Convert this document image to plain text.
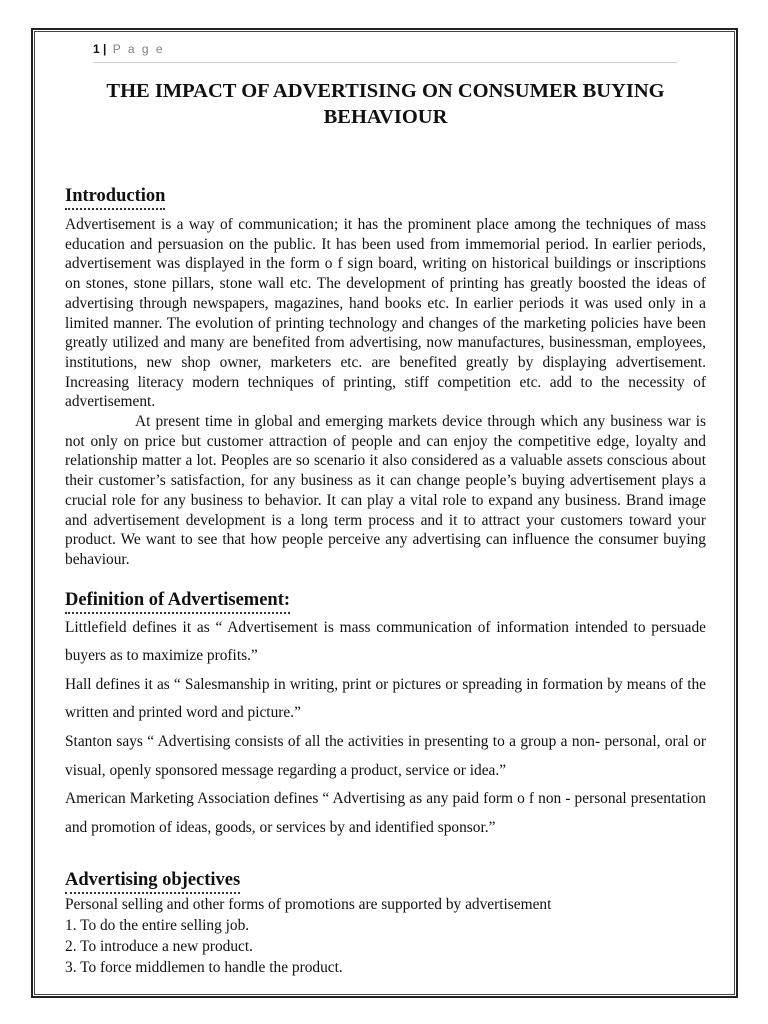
1 | P a g e
THE IMPACT OF ADVERTISING ON CONSUMER BUYING BEHAVIOUR
Introduction

Advertisement is a way of communication; it has the prominent place among the techniques of mass education and persuasion on the public. It has been used from immemorial period. In earlier periods, advertisement was displayed in the form o f sign board, writing on historical buildings or inscriptions on stones, stone pillars, stone wall etc. The development of printing has greatly boosted the ideas of advertising through newspapers, magazines, hand books etc. In earlier periods it was used only in a limited manner. The evolution of printing technology and changes of the marketing policies have been greatly utilized and many are benefited from advertising, now manufactures, businessman, employees, institutions, new shop owner, marketers etc. are benefited greatly by displaying advertisement. Increasing literacy modern techniques of printing, stiff competition etc. add to the necessity of advertisement.

At present time in global and emerging markets device through which any business war is not only on price but customer attraction of people and can enjoy the competitive edge, loyalty and relationship matter a lot. Peoples are so scenario it also considered as a valuable assets conscious about their customer’s satisfaction, for any business as it can change people’s buying advertisement plays a crucial role for any business to behavior. It can play a vital role to expand any business. Brand image and advertisement development is a long term process and it to attract your customers toward your product. We want to see that how people perceive any advertising can influence the consumer buying behaviour.

Definition of Advertisement:

Littlefield defines it as “ Advertisement is mass communication of information intended to persuade buyers as to maximize profits.”

Hall defines it as “ Salesmanship in writing, print or pictures or spreading in formation by means of the written and printed word and picture.”

Stanton says “ Advertising consists of all the activities in presenting to a group a non- personal, oral or visual, openly sponsored message regarding a product, service or idea.”

American Marketing Association defines “ Advertising as any paid form o f non - personal presentation and promotion of ideas, goods, or services by and identified sponsor.”

Advertising objectives

Personal selling and other forms of promotions are supported by advertisement

1. To do the entire selling job.

2. To introduce a new product.

3. To force middlemen to handle the product.
